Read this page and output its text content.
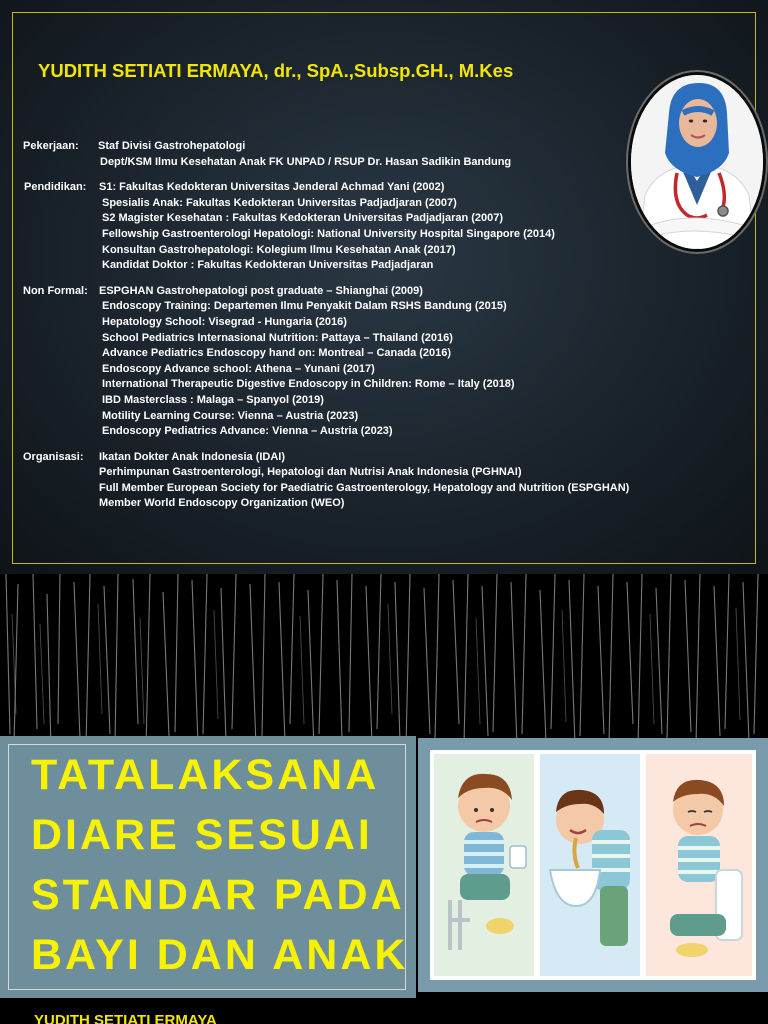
YUDITH SETIATI ERMAYA, dr., SpA.,Subsp.GH., M.Kes
Pekerjaan: Staf Divisi Gastrohepatologi
Dept/KSM Ilmu Kesehatan Anak FK UNPAD / RSUP Dr. Hasan Sadikin Bandung
Pendidikan: S1: Fakultas Kedokteran Universitas Jenderal Achmad Yani (2002)
Spesialis Anak: Fakultas Kedokteran Universitas Padjadjaran (2007)
S2 Magister Kesehatan : Fakultas Kedokteran Universitas Padjadjaran (2007)
Fellowship Gastroenterologi Hepatologi: National University Hospital Singapore (2014)
Konsultan Gastrohepatologi: Kolegium Ilmu Kesehatan Anak (2017)
Kandidat Doktor : Fakultas Kedokteran Universitas Padjadjaran
Non Formal: ESPGHAN Gastrohepatologi post graduate – Shianghai (2009)
Endoscopy Training: Departemen Ilmu Penyakit Dalam RSHS Bandung (2015)
Hepatology School: Visegrad - Hungaria (2016)
School Pediatrics Internasional Nutrition: Pattaya – Thailand (2016)
Advance Pediatrics Endoscopy hand on: Montreal – Canada (2016)
Endoscopy Advance school: Athena – Yunani (2017)
International Therapeutic Digestive Endoscopy in Children: Rome – Italy (2018)
IBD Masterclass : Malaga – Spanyol (2019)
Motility Learning Course: Vienna – Austria (2023)
Endoscopy Pediatrics Advance: Vienna – Austria (2023)
Organisasi: Ikatan Dokter Anak Indonesia (IDAI)
Perhimpunan Gastroenterologi, Hepatologi dan Nutrisi Anak Indonesia (PGHNAI)
Full Member European Society for Paediatric Gastroenterology, Hepatology and Nutrition (ESPGHAN)
Member World Endoscopy Organization (WEO)
TATALAKSANA
DIARE SESUAI
STANDAR PADA
BAYI DAN ANAK
YUDITH SETIATI ERMAYA
